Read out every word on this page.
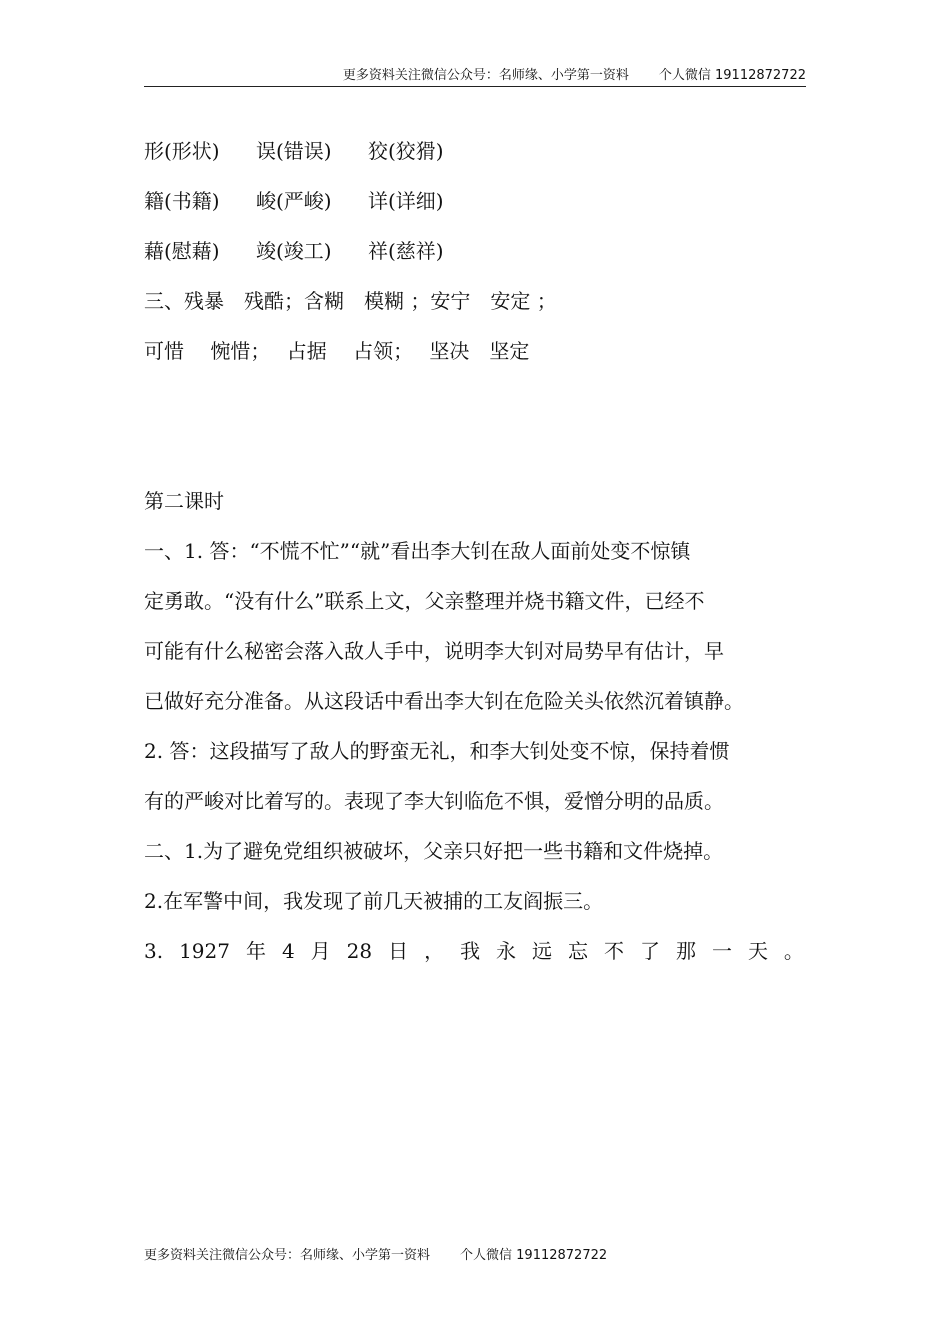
更多资料关注微信公众号：名师缘、小学第一资料 个人微信 19112872722
形(形状)	误(错误)	狡(狡猾)
籍(书籍)	峻(严峻)	详(详细)
藉(慰藉)	竣(竣工)	祥(慈祥)
三、残暴　残酷；含糊　模糊 ；安宁　安定 ；
可惜　 惋惜；　 占据　 占领；　 坚决　坚定
第二课时
一、1. 答：“不慌不忙”“就”看出李大钊在敌人面前处变不惊镇
定勇敢。“没有什么”联系上文，父亲整理并烧书籍文件，已经不
可能有什么秘密会落入敌人手中，说明李大钊对局势早有估计，早
已做好充分准备。从这段话中看出李大钊在危险关头依然沉着镇静。
2. 答：这段描写了敌人的野蛮无礼，和李大钊处变不惊，保持着惯
有的严峻对比着写的。表现了李大钊临危不惧，爱憎分明的品质。
二、1.为了避免党组织被破坏，父亲只好把一些书籍和文件烧掉。
2.在军警中间，我发现了前几天被捕的工友阎振三。
3. 1927 年 4 月 28 日 ， 我 永 远 忘 不 了 那 一 天 。
更多资料关注微信公众号：名师缘、小学第一资料 个人微信 19112872722
